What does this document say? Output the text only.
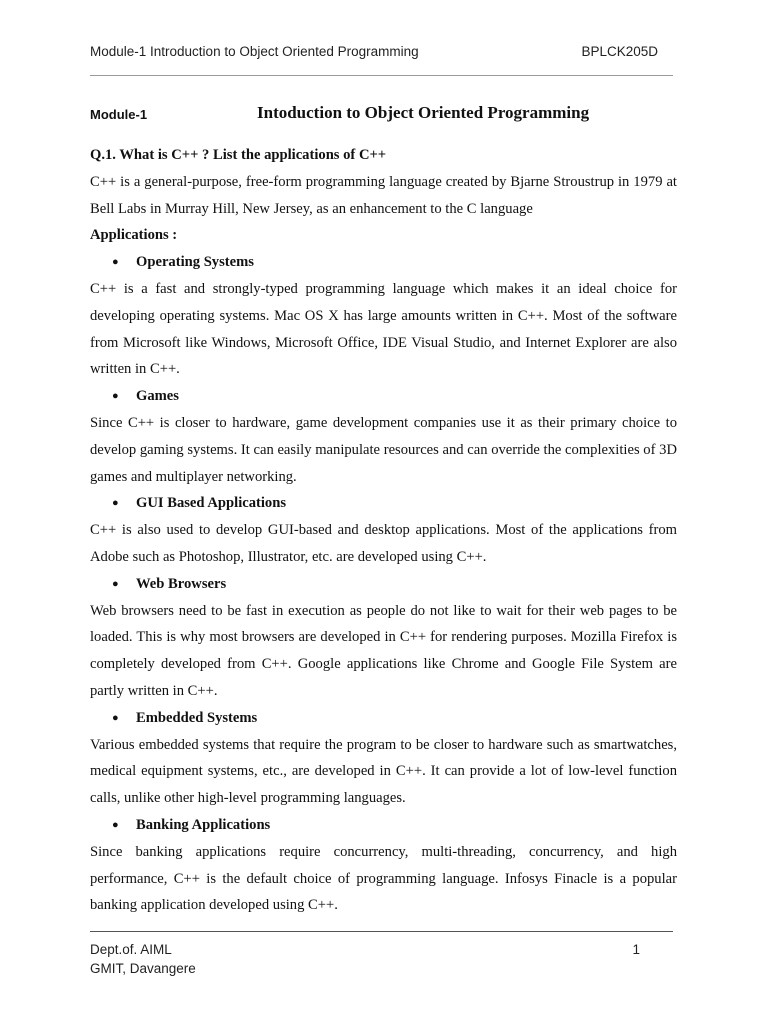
Module-1 Introduction to Object Oriented Programming	BPLCK205D
Module-1	Intoduction to Object Oriented Programming

Q.1. What is C++ ? List the applications of C++

C++ is a general-purpose, free-form programming language created by Bjarne Stroustrup in 1979 at Bell Labs in Murray Hill, New Jersey, as an enhancement to the C language

Applications :

● Operating Systems

C++ is a fast and strongly-typed programming language which makes it an ideal choice for developing operating systems. Mac OS X has large amounts written in C++. Most of the software from Microsoft like Windows, Microsoft Office, IDE Visual Studio, and Internet Explorer are also written in C++.

● Games

Since C++ is closer to hardware, game development companies use it as their primary choice to develop gaming systems. It can easily manipulate resources and can override the complexities of 3D games and multiplayer networking.

● GUI Based Applications

C++ is also used to develop GUI-based and desktop applications. Most of the applications from Adobe such as Photoshop, Illustrator, etc. are developed using C++.

● Web Browsers

Web browsers need to be fast in execution as people do not like to wait for their web pages to be loaded. This is why most browsers are developed in C++ for rendering purposes. Mozilla Firefox is completely developed from C++. Google applications like Chrome and Google File System are partly written in C++.

● Embedded Systems

Various embedded systems that require the program to be closer to hardware such as smartwatches, medical equipment systems, etc., are developed in C++. It can provide a lot of low-level function calls, unlike other high-level programming languages.

● Banking Applications

Since banking applications require concurrency, multi-threading, concurrency, and high performance, C++ is the default choice of programming language. Infosys Finacle is a popular banking application developed using C++.

Dept.of. AIML
GMIT, Davangere
1
